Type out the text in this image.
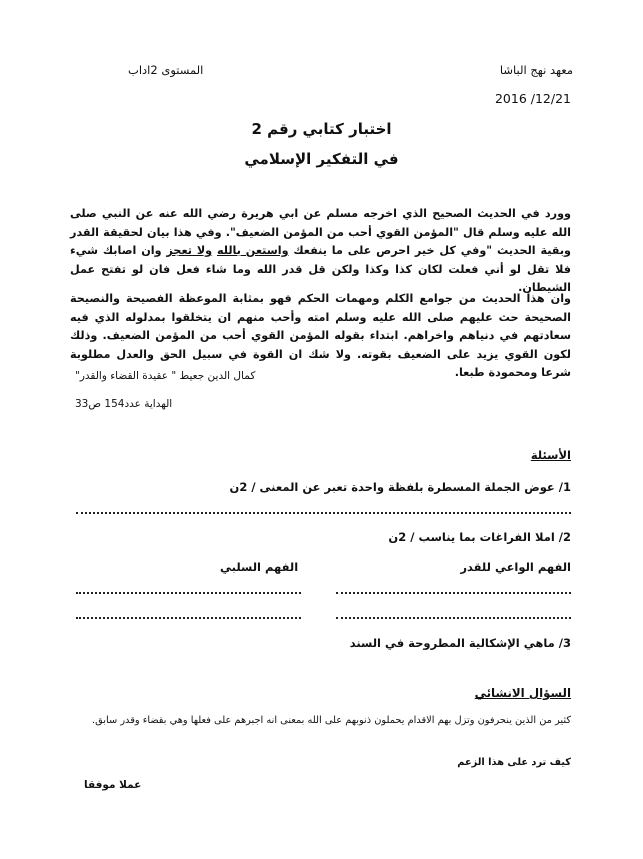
معهد نهج الباشا
المستوى 2اداب
2016 /12/21
اختبار كتابي رقم 2
في التفكير الإسلامي
وورد في الحديث الصحيح الذي اخرجه مسلم عن ابي هريرة رضي الله عنه عن النبي صلى الله عليه وسلم قال "المؤمن القوي أحب من المؤمن الضعيف". وفي هذا بيان لحقيقة القدر وبقية الحديث "وفي كل خير احرص على ما ينفعك واستعن بالله ولا تعجز وان اصابك شيء فلا تقل لو أني فعلت لكان كذا وكذا ولكن قل قدر الله وما شاء فعل فان لو تفتح عمل الشيطان.
وان هذا الحديث من جوامع الكلم ومهمات الحكم فهو بمثابة الموعظة الفصيحة والنصيحة الصحيحة حث عليهم صلى الله عليه وسلم امته وأحب منهم ان يتخلقوا بمدلوله الذي فيه سعادتهم في دنياهم واخراهم. ابتداء بقوله المؤمن القوي أحب من المؤمن الضعيف. وذلك لكون القوي يزيد على الضعيف بقوته. ولا شك ان القوة في سبيل الحق والعدل مطلوبة شرعا ومحمودة طبعا.
كمال الدين جعيط " عقيدة القضاء والقدر"
الهداية عدد154 ص33
الأسئلة
1/ عوض الجملة المسطرة بلفظة واحدة تعبر عن المعنى / 2ن
2/ املا الفراغات بما يناسب / 2ن
الفهم الواعي للقدر
الفهم السلبي
3/ ماهي الإشكالية المطروحة في السند
السؤال الانشائي
كثير من الذين ينحرفون وتزل بهم الاقدام يحملون ذنوبهم على الله بمعنى انه اجبرهم على فعلها وهي بقضاء وقدر سابق.
كيف ترد على هذا الزعم
عملا موفقا
